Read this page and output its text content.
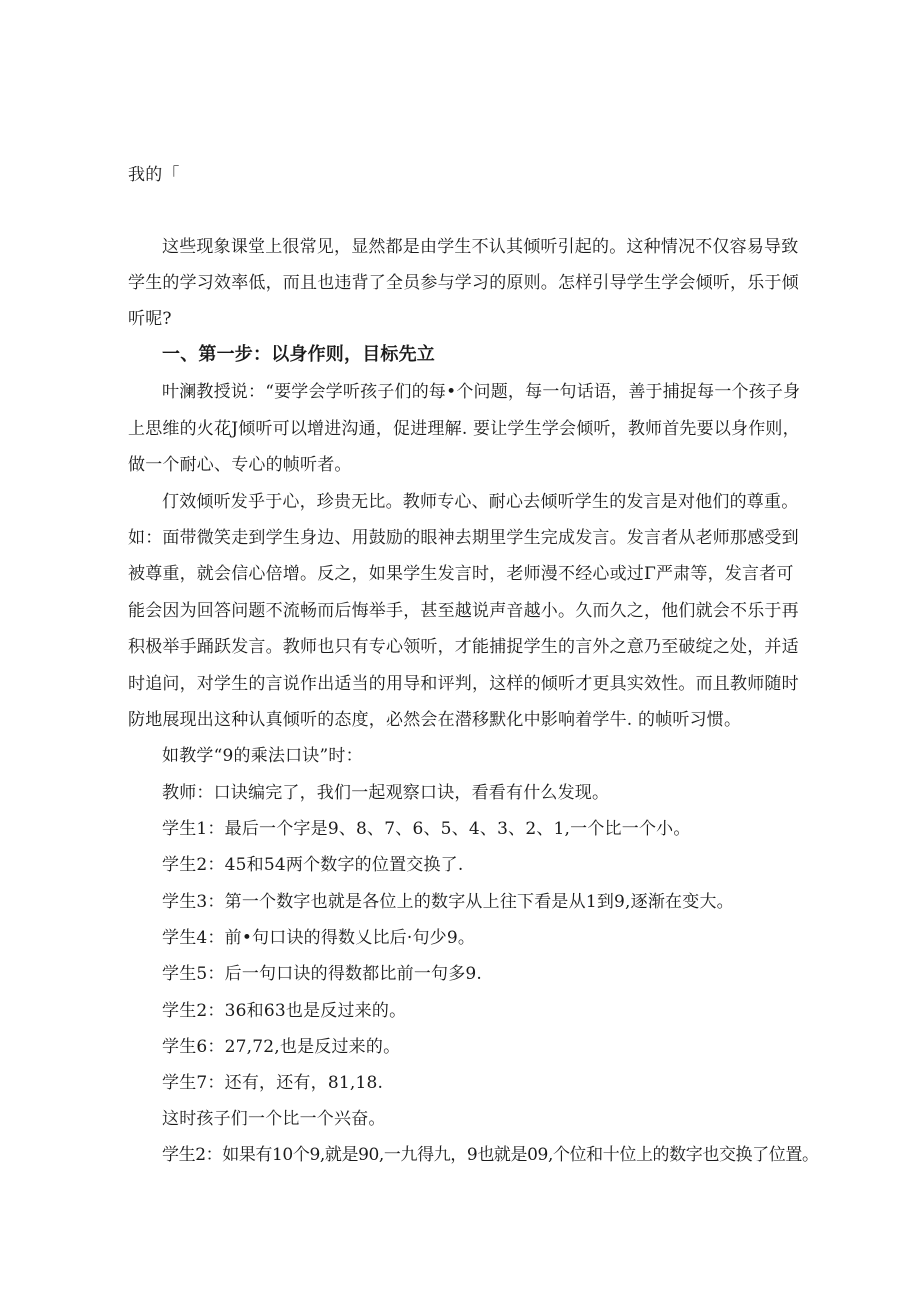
我的「
这些现象课堂上很常见，显然都是由学生不认其倾听引起的。这种情况不仅容易导致
学生的学习效率低，而且也违背了全员参与学习的原则。怎样引导学生学会倾听，乐于倾
听呢?
一、第一步：以身作则，目标先立
叶澜教授说：“要学会学听孩子们的每•个问题，每一句话语，善于捕捉每一个孩子身
上思维的火花J倾听可以增进沟通，促进理解. 要让学生学会倾听，教师首先要以身作则，
做一个耐心、专心的帧听者。
仃效倾听发乎于心，珍贵无比。教师专心、耐心去倾听学生的发言是对他们的尊重。
如：面带微笑走到学生身边、用鼓励的眼神去期里学生完成发言。发言者从老师那感受到
被尊重，就会信心倍增。反之，如果学生发言时，老师漫不经心或过Γ严肃等，发言者可
能会因为回答问题不流畅而后悔举手，甚至越说声音越小。久而久之，他们就会不乐于再
积极举手踊跃发言。教师也只有专心领听，才能捕捉学生的言外之意乃至破绽之处，并适
时追问，对学生的言说作出适当的用导和评判，这样的倾听才更具实效性。而且教师随时
防地展现出这种认真倾听的态度，必然会在潜移默化中影响着学牛. 的帧听习惯。
如教学“9的乘法口诀”时：
教师：口诀编完了，我们一起观察口诀，看看有什么发现。
学生1：最后一个字是9、8、7、6、5、4、3、2、1,一个比一个小。
学生2：45和54两个数字的位置交换了.
学生3：第一个数字也就是各位上的数字从上往下看是从1到9,逐渐在变大。
学生4：前•句口诀的得数乂比后·句少9。
学生5：后一句口诀的得数都比前一句多9.
学生2：36和63也是反过来的。
学生6：27,72,也是反过来的。
学生7：还有，还有，81,18.
这时孩子们一个比一个兴奋。
学生2：如果有10个9,就是90,一九得九，9也就是09,个位和十位上的数字也交换了位置。
